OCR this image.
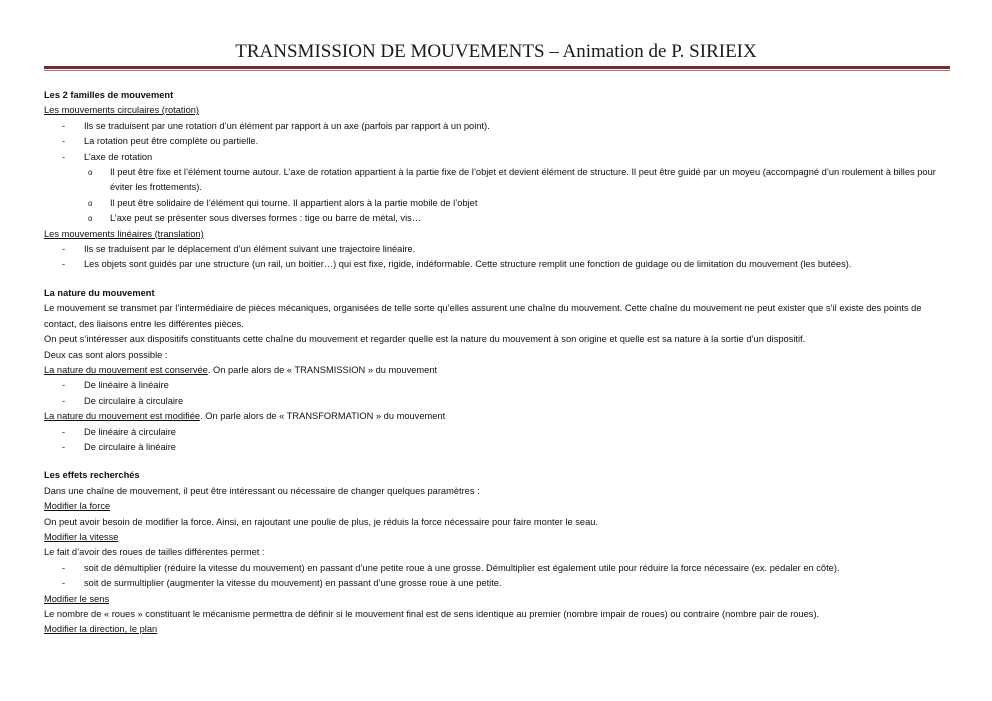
TRANSMISSION DE MOUVEMENTS – Animation de P. SIRIEIX

Les 2 familles de mouvement

Les mouvements circulaires (rotation)

- Ils se traduisent par une rotation d’un élément par rapport à un axe (parfois par rapport à un point).
- La rotation peut être complète ou partielle.
- L’axe de rotation
o Il peut être fixe et l’élément tourne autour. L’axe de rotation appartient à la partie fixe de l’objet et devient élément de structure. Il peut être guidé par un moyeu (accompagné d’un roulement à billes pour éviter les frottements).
o Il peut être solidaire de l’élément qui tourne. Il appartient alors à la partie mobile de l’objet
o L’axe peut se présenter sous diverses formes : tige ou barre de métal, vis…

Les mouvements linéaires (translation)

- Ils se traduisent par le déplacement d’un élément suivant une trajectoire linéaire.
- Les objets sont guidés par une structure (un rail, un boitier…) qui est fixe, rigide, indéformable. Cette structure remplit une fonction de guidage ou de limitation du mouvement (les butées).

La nature du mouvement

Le mouvement se transmet par l’intermédiaire de pièces mécaniques, organisées de telle sorte qu’elles assurent une chaîne du mouvement. Cette chaîne du mouvement ne peut exister que s’il existe des points de contact, des liaisons entre les différentes pièces.

On peut s’intéresser aux dispositifs constituants cette chaîne du mouvement et regarder quelle est la nature du mouvement à son origine et quelle est sa nature à la sortie d’un dispositif.

Deux cas sont alors possible :

La nature du mouvement est conservée. On parle alors de « TRANSMISSION » du mouvement

- De linéaire à linéaire
- De circulaire à circulaire

La nature du mouvement est modifiée. On parle alors de « TRANSFORMATION » du mouvement

- De linéaire à circulaire
- De circulaire à linéaire

Les effets recherchés

Dans une chaîne de mouvement, il peut être intéressant ou nécessaire de changer quelques paramètres :

Modifier la force

On peut avoir besoin de modifier la force. Ainsi, en rajoutant une poulie de plus, je réduis la force nécessaire pour faire monter le seau.

Modifier la vitesse

Le fait d’avoir des roues de tailles différentes permet :

- soit de démultiplier (réduire la vitesse du mouvement) en passant d’une petite roue à une grosse. Démultiplier est également utile pour réduire la force nécessaire (ex. pédaler en côte).
- soit de surmultiplier (augmenter la vitesse du mouvement) en passant d’une grosse roue à une petite.

Modifier le sens

Le nombre de « roues » constituant le mécanisme permettra de définir si le mouvement final est de sens identique au premier (nombre impair de roues) ou contraire (nombre pair de roues).

Modifier la direction, le plan
